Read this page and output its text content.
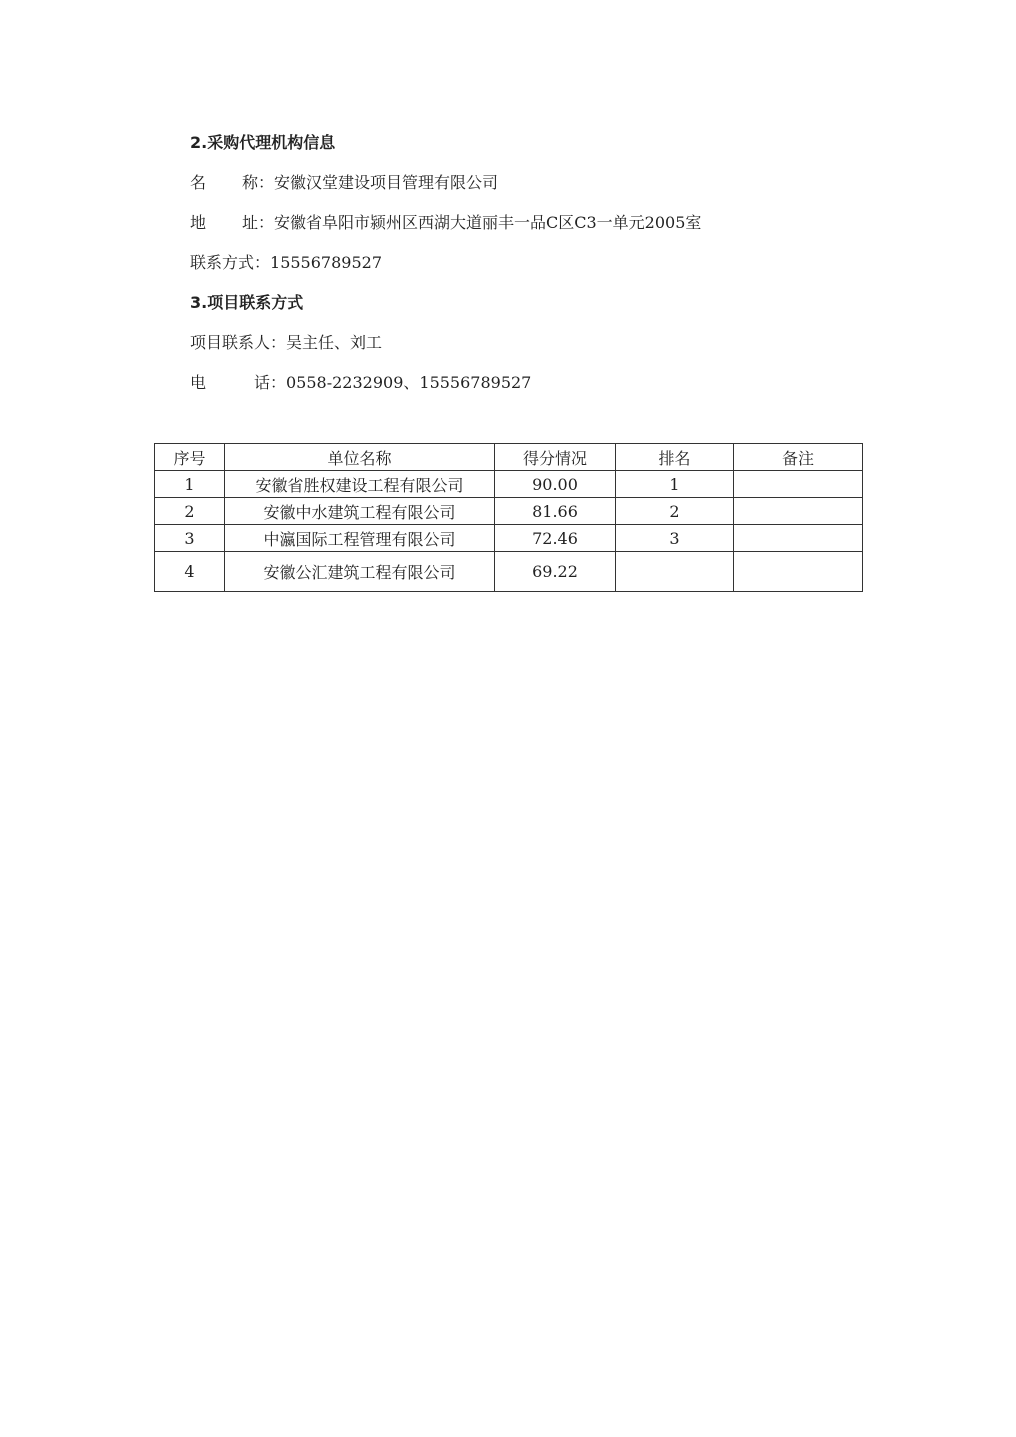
2.采购代理机构信息
名 称： 安徽汉堂建设项目管理有限公司
地 址： 安徽省阜阳市颍州区西湖大道丽丰一品C区C3一单元2005室
联系方式：15556789527
3.项目联系方式
项目联系人：吴主任、刘工
电	话： 0558-2232909、15556789527
序号	单位名称	得分情况	排名	备注
1	安徽省胜权建设工程有限公司	90.00	1	
2	安徽中水建筑工程有限公司	81.66	2	
3	中瀛国际工程管理有限公司	72.46	3	
4	安徽公汇建筑工程有限公司	69.22		
